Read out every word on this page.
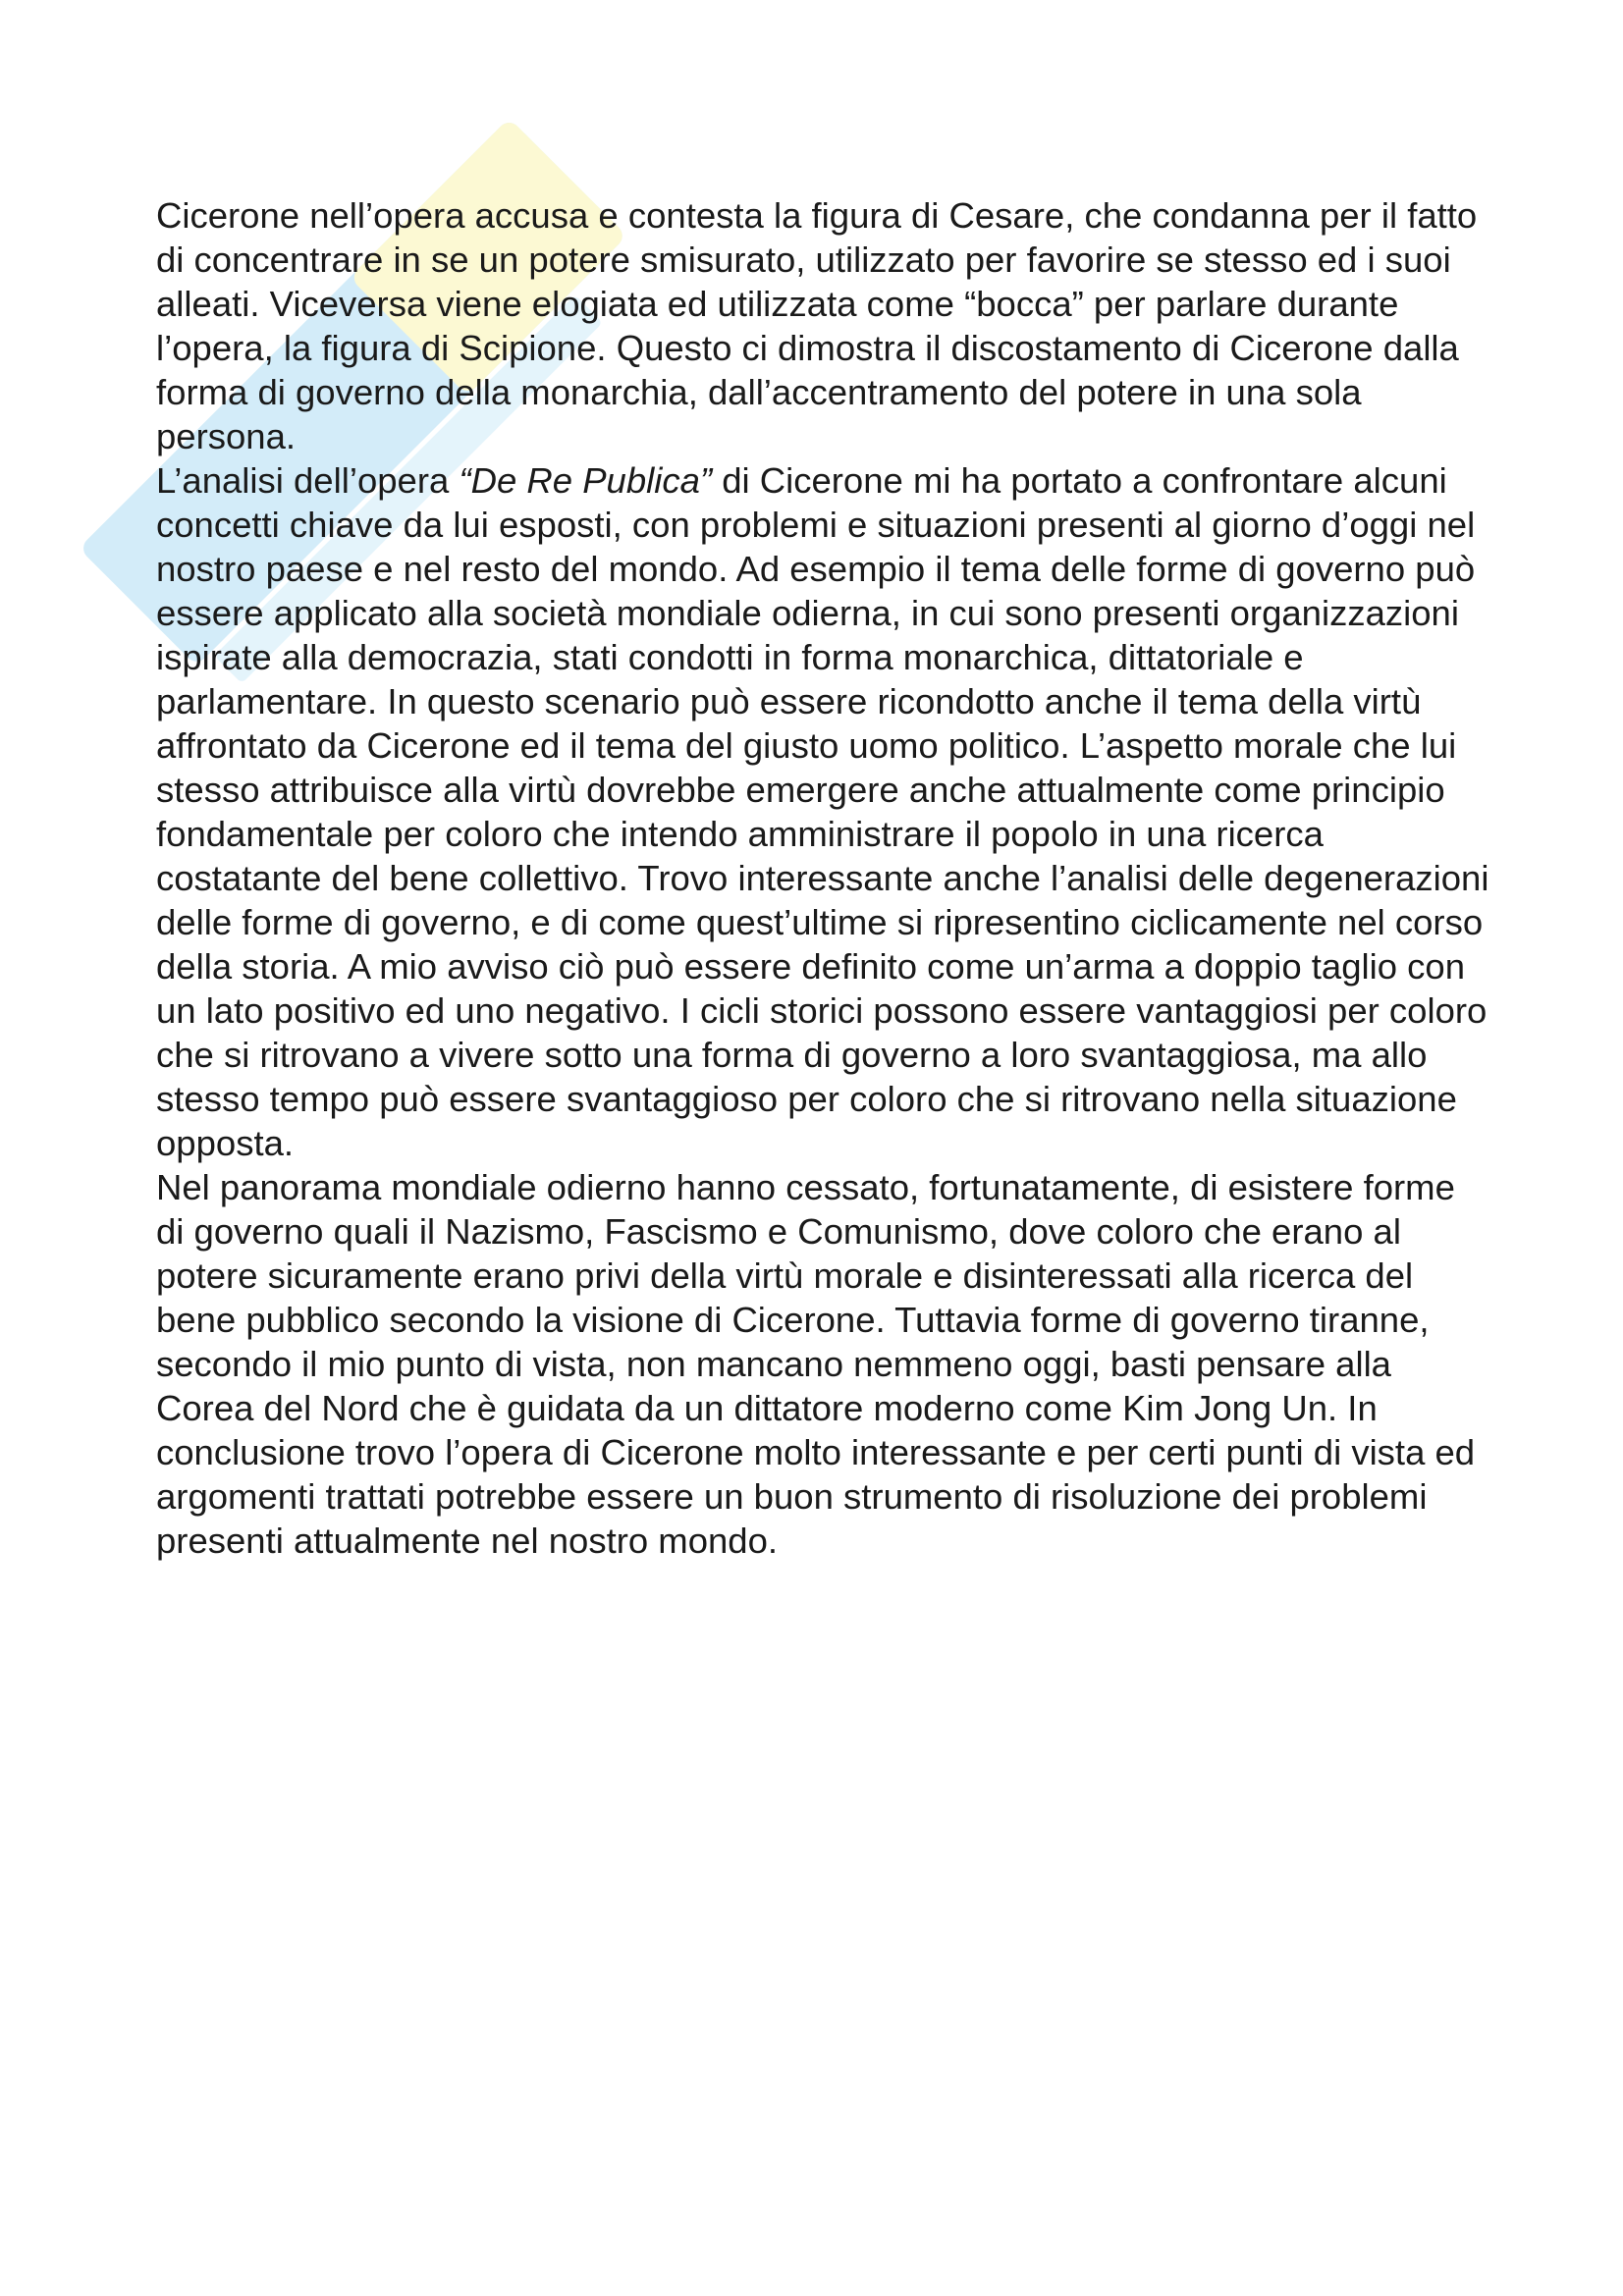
Cicerone nell’opera accusa e contesta la figura di Cesare, che condanna per il fatto di concentrare in se un potere smisurato, utilizzato per favorire se stesso ed i suoi alleati. Viceversa viene elogiata ed utilizzata come “bocca” per parlare durante l’opera, la figura di Scipione. Questo ci dimostra il discostamento di Cicerone dalla forma di governo della monarchia, dall’accentramento del potere in una sola persona.

L’analisi dell’opera “De Re Publica” di Cicerone mi ha portato a confrontare alcuni concetti chiave da lui esposti, con problemi e situazioni presenti al giorno d’oggi nel nostro paese e nel resto del mondo. Ad esempio il tema delle forme di governo può essere applicato alla società mondiale odierna, in cui sono presenti organizzazioni ispirate alla democrazia, stati condotti in forma monarchica, dittatoriale e parlamentare. In questo scenario può essere ricondotto anche il tema della virtù affrontato da Cicerone ed il tema del giusto uomo politico. L’aspetto morale che lui stesso attribuisce alla virtù dovrebbe emergere anche attualmente come principio fondamentale per coloro che intendo amministrare il popolo in una ricerca costatante del bene collettivo. Trovo interessante anche l’analisi delle degenerazioni delle forme di governo, e di come quest’ultime si ripresentino ciclicamente nel corso della storia. A mio avviso ciò può essere definito come un’arma a doppio taglio con un lato positivo ed uno negativo. I cicli storici possono essere vantaggiosi per coloro che si ritrovano a vivere sotto una forma di governo a loro svantaggiosa, ma allo stesso tempo può essere svantaggioso per coloro che si ritrovano nella situazione opposta.

Nel panorama mondiale odierno hanno cessato, fortunatamente, di esistere forme di governo quali il Nazismo, Fascismo e Comunismo, dove coloro che erano al potere sicuramente erano privi della virtù morale e disinteressati alla ricerca del bene pubblico secondo la visione di Cicerone. Tuttavia forme di governo tiranne, secondo il mio punto di vista, non mancano nemmeno oggi, basti pensare alla Corea del Nord che è guidata da un dittatore moderno come Kim Jong Un. In conclusione trovo l’opera di Cicerone molto interessante e per certi punti di vista ed argomenti trattati potrebbe essere un buon strumento di risoluzione dei problemi presenti attualmente nel nostro mondo.
